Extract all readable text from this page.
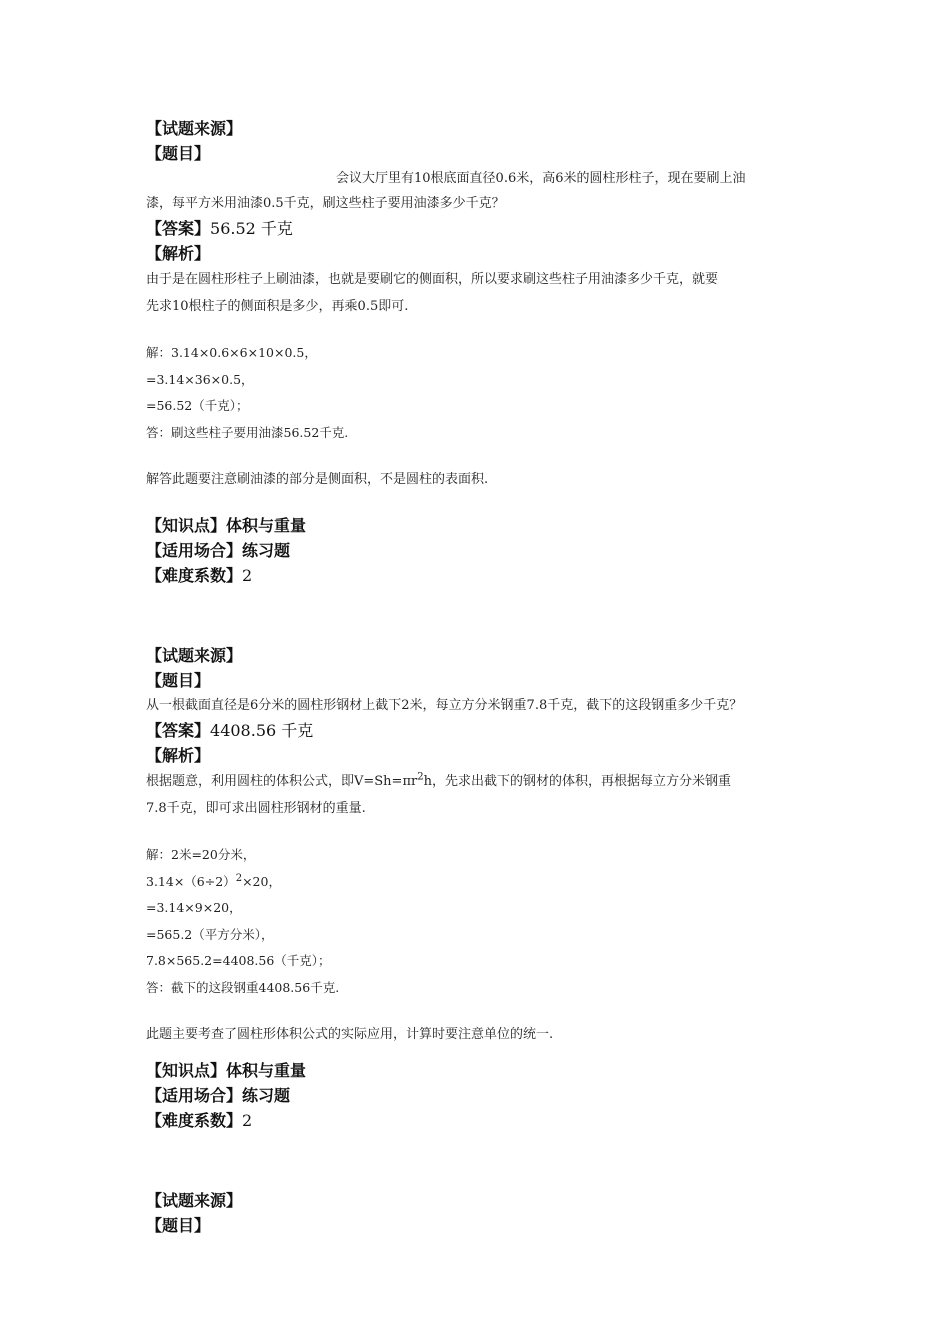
【试题来源】
【题目】
会议大厅里有10根底面直径0.6米，高6米的圆柱形柱子，现在要刷上油
漆，每平方米用油漆0.5千克，刷这些柱子要用油漆多少千克？
【答案】56.52 千克
【解析】
由于是在圆柱形柱子上刷油漆，也就是要刷它的侧面积，所以要求刷这些柱子用油漆多少千克，就要
先求10根柱子的侧面积是多少，再乘0.5即可.
解：3.14×0.6×6×10×0.5，
=3.14×36×0.5，
=56.52（千克）；
答：刷这些柱子要用油漆56.52千克.
解答此题要注意刷油漆的部分是侧面积，不是圆柱的表面积.
【知识点】体积与重量
【适用场合】练习题
【难度系数】2
【试题来源】
【题目】
从一根截面直径是6分米的圆柱形钢材上截下2米，每立方分米钢重7.8千克，截下的这段钢重多少千克？
【答案】4408.56 千克
【解析】
根据题意，利用圆柱的体积公式，即$V=Sh=\pi r^2h$，先求出截下的钢材的体积，再根据每立方分米钢重
7.8千克，即可求出圆柱形钢材的重量.
解：2米=20分米，
$3.14\times(6\div 2)^2\times 20$，
=3.14×9×20，
=565.2（平方分米），
7.8×565.2=4408.56（千克）；
答：截下的这段钢重4408.56千克.
此题主要考查了圆柱形体积公式的实际应用，计算时要注意单位的统一.
【知识点】体积与重量
【适用场合】练习题
【难度系数】2
【试题来源】
【题目】
